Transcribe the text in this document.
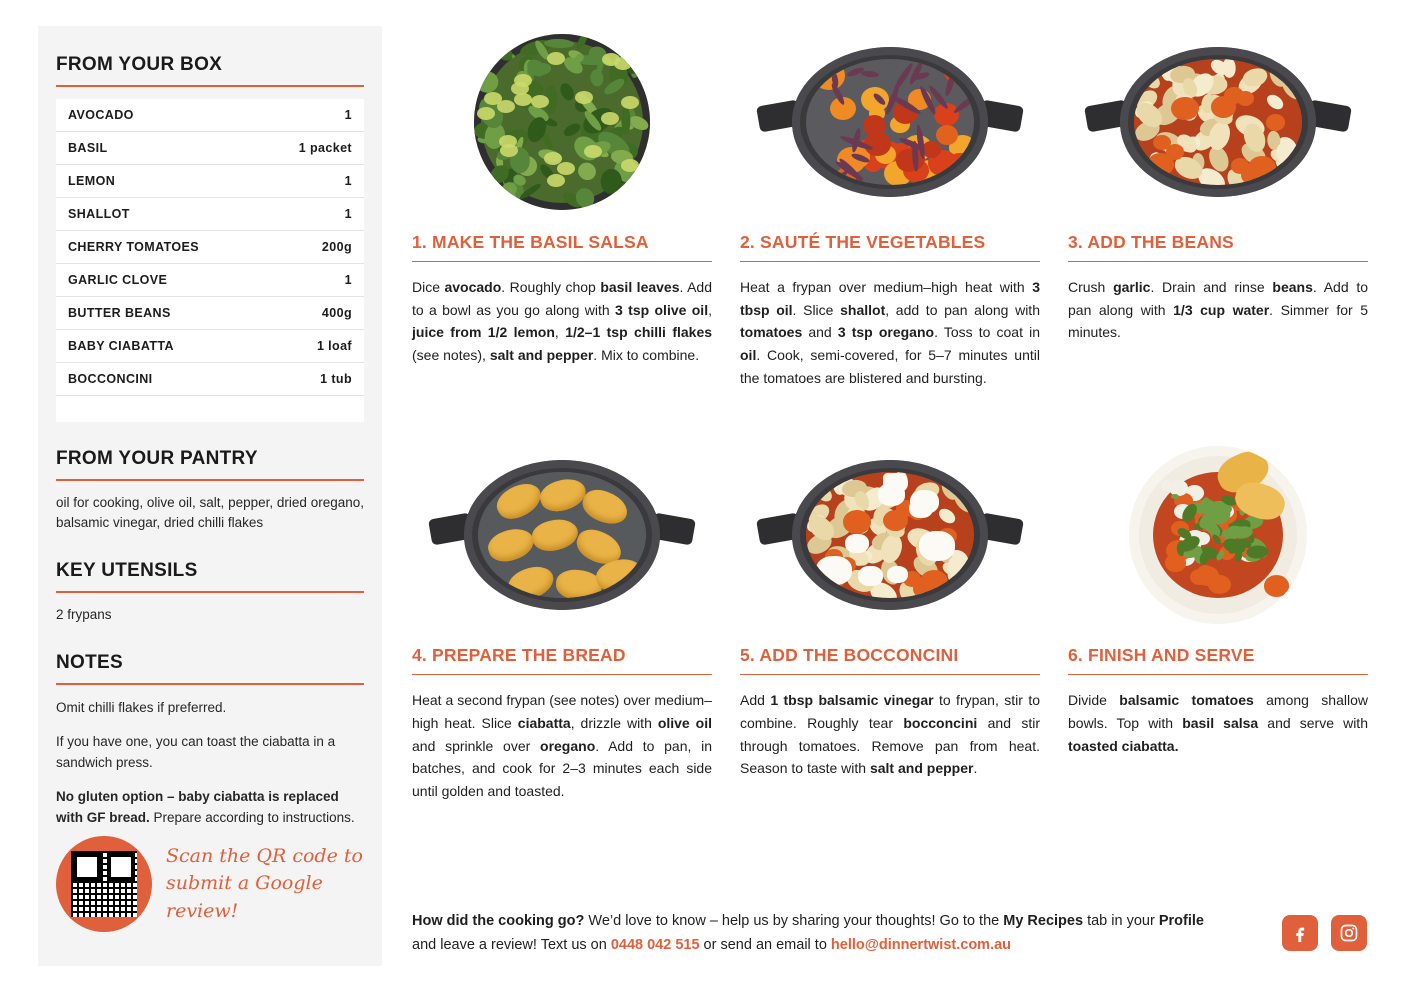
FROM YOUR BOX
AVOCADO	1
BASIL	1 packet
LEMON	1
SHALLOT	1
CHERRY TOMATOES	200g
GARLIC CLOVE	1
BUTTER BEANS	400g
BABY CIABATTA	1 loaf
BOCCONCINI	1 tub

FROM YOUR PANTRY

oil for cooking, olive oil, salt, pepper, dried oregano, balsamic vinegar, dried chilli flakes

KEY UTENSILS

2 frypans

NOTES

Omit chilli flakes if preferred.

If you have one, you can toast the ciabatta in a sandwich press.

No gluten option – baby ciabatta is replaced with GF bread. Prepare according to instructions.

Scan the QR code to
submit a Google review!
1. MAKE THE BASIL SALSA

Dice avocado. Roughly chop basil leaves. Add to a bowl as you go along with 3 tsp olive oil, juice from 1/2 lemon, 1/2–1 tsp chilli flakes (see notes), salt and pepper. Mix to combine.

2. SAUTÉ THE VEGETABLES

Heat a frypan over medium–high heat with 3 tbsp oil. Slice shallot, add to pan along with tomatoes and 3 tsp oregano. Toss to coat in oil. Cook, semi-covered, for 5–7 minutes until the tomatoes are blistered and bursting.

3. ADD THE BEANS

Crush garlic. Drain and rinse beans. Add to pan along with 1/3 cup water. Simmer for 5 minutes.

4. PREPARE THE BREAD

Heat a second frypan (see notes) over medium–high heat. Slice ciabatta, drizzle with olive oil and sprinkle over oregano. Add to pan, in batches, and cook for 2–3 minutes each side until golden and toasted.

5. ADD THE BOCCONCINI

Add 1 tbsp balsamic vinegar to frypan, stir to combine. Roughly tear bocconcini and stir through tomatoes. Remove pan from heat. Season to taste with salt and pepper.

6. FINISH AND SERVE

Divide balsamic tomatoes among shallow bowls. Top with basil salsa and serve with toasted ciabatta.

How did the cooking go? We’d love to know – help us by sharing your thoughts! Go to the My Recipes tab in your Profile and leave a review! Text us on 0448 042 515 or send an email to hello@dinnertwist.com.au
